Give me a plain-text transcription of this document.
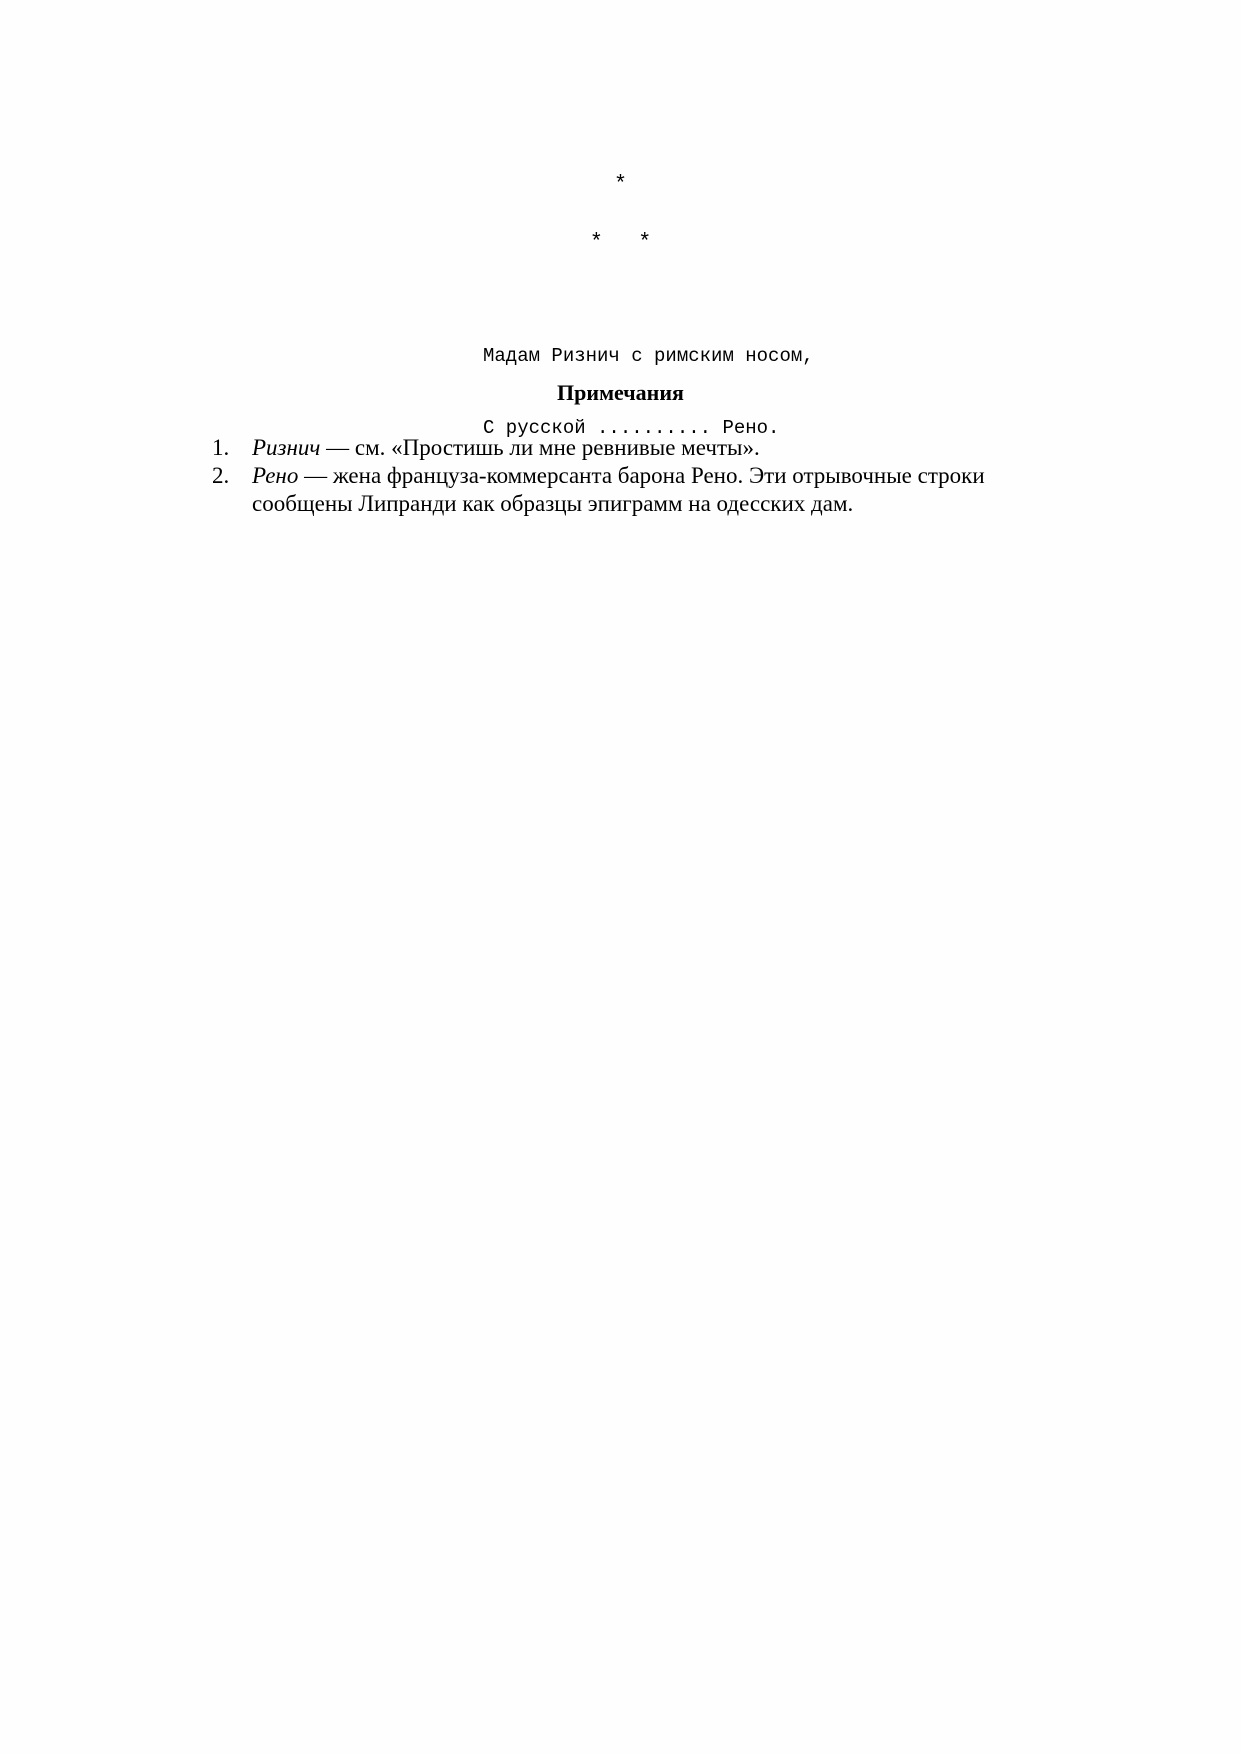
*
* *

Мадам Ризнич с римским носом,

С русской .......... Рено.

Примечания
1. Ризнич — см. «Простишь ли мне ревнивые мечты».
2. Рено — жена француза-коммерсанта барона Рено. Эти отрывочные строки сообщены Липранди как образцы эпиграмм на одесских дам.
